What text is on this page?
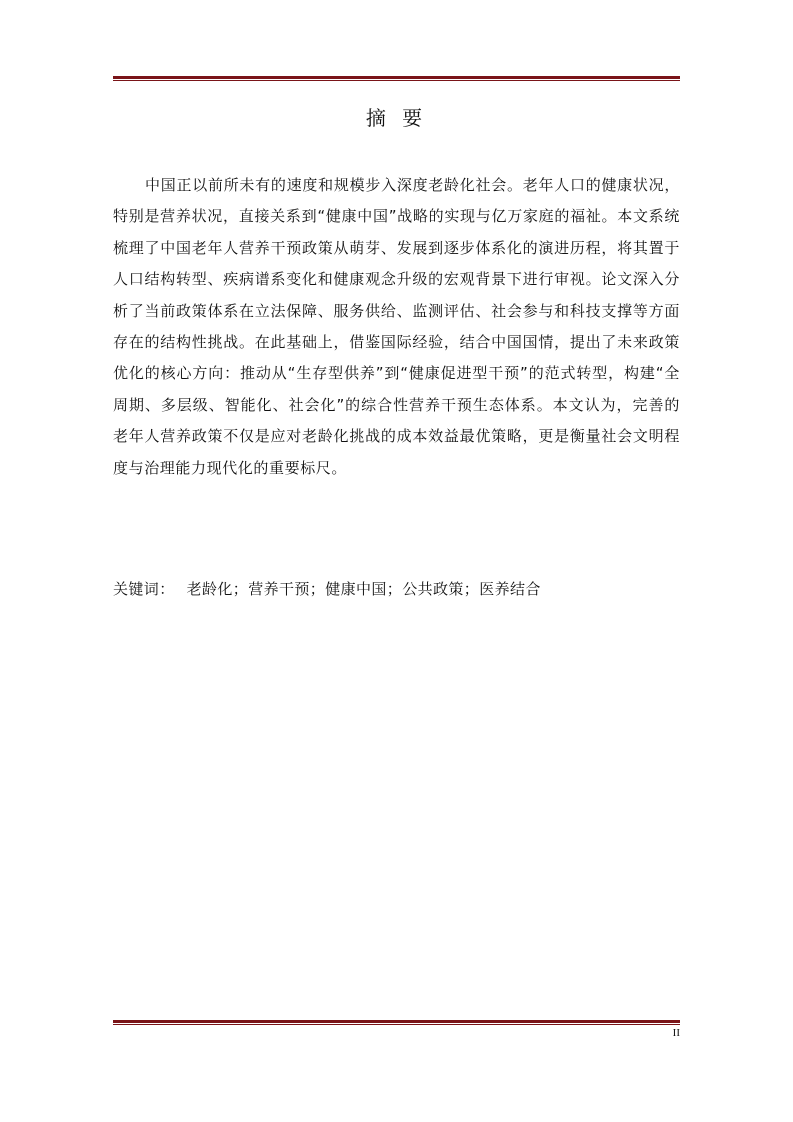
摘 要

中国正以前所未有的速度和规模步入深度老龄化社会。老年人口的健康状况，特别是营养状况，直接关系到“健康中国”战略的实现与亿万家庭的福祉。本文系统梳理了中国老年人营养干预政策从萌芽、发展到逐步体系化的演进历程，将其置于人口结构转型、疾病谱系变化和健康观念升级的宏观背景下进行审视。论文深入分析了当前政策体系在立法保障、服务供给、监测评估、社会参与和科技支撑等方面存在的结构性挑战。在此基础上，借鉴国际经验，结合中国国情，提出了未来政策优化的核心方向：推动从“生存型供养”到“健康促进型干预”的范式转型，构建“全周期、多层级、智能化、社会化”的综合性营养干预生态体系。本文认为，完善的老年人营养政策不仅是应对老龄化挑战的成本效益最优策略，更是衡量社会文明程度与治理能力现代化的重要标尺。

关键词： 老龄化；营养干预；健康中国；公共政策；医养结合
II
